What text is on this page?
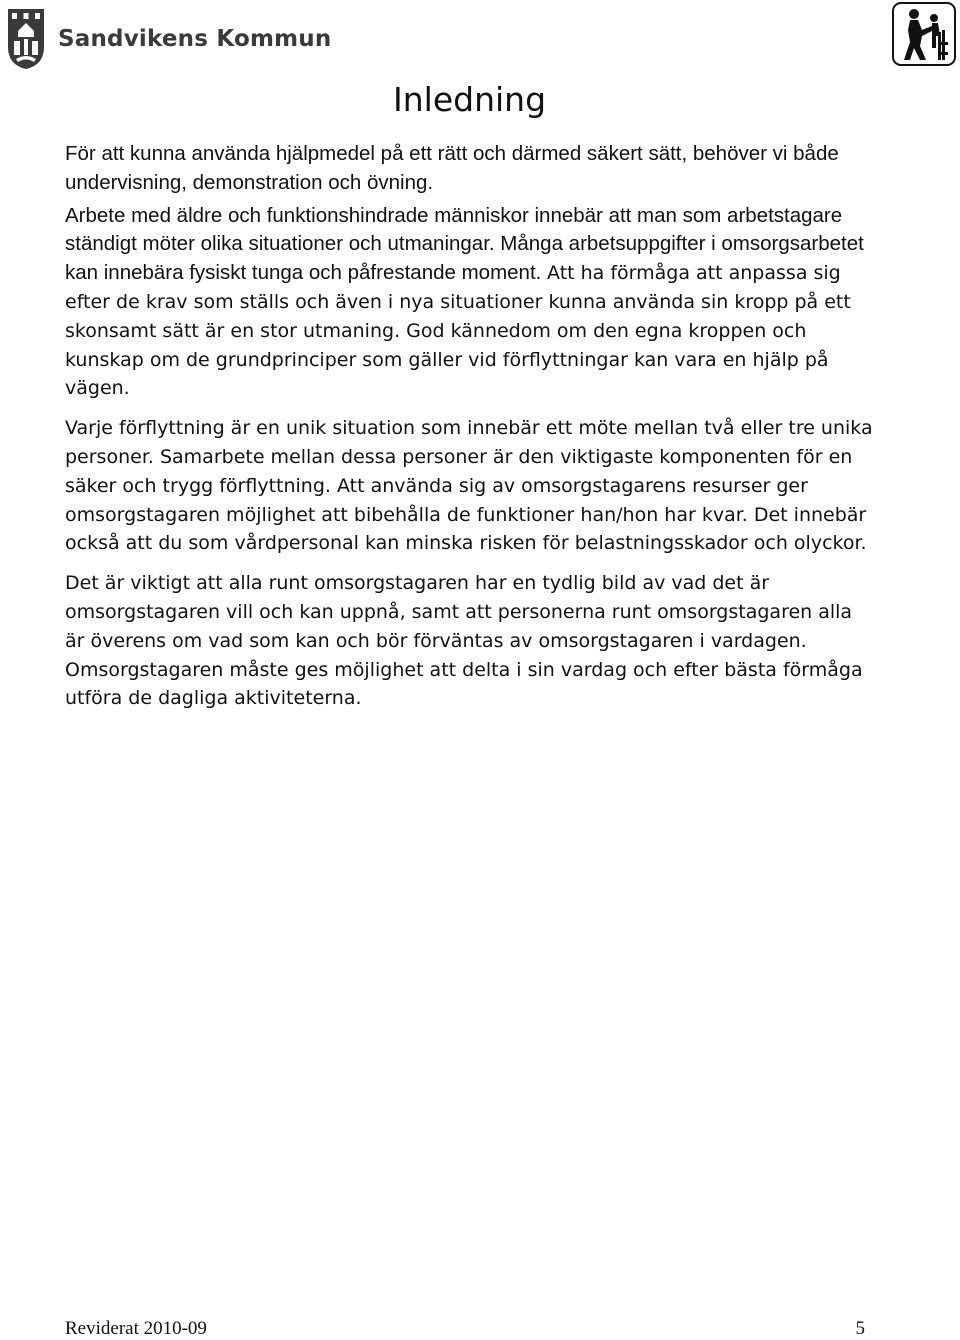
Sandvikens Kommun
Inledning

För att kunna använda hjälpmedel på ett rätt och därmed säkert sätt, behöver vi både undervisning, demonstration och övning.

Arbete med äldre och funktionshindrade människor innebär att man som arbetstagare ständigt möter olika situationer och utmaningar. Många arbetsuppgifter i omsorgsarbetet kan innebära fysiskt tunga och påfrestande moment. Att ha förmåga att anpassa sig efter de krav som ställs och även i nya situationer kunna använda sin kropp på ett skonsamt sätt är en stor utmaning. God kännedom om den egna kroppen och kunskap om de grundprinciper som gäller vid förflyttningar kan vara en hjälp på vägen.

Varje förflyttning är en unik situation som innebär ett möte mellan två eller tre unika personer. Samarbete mellan dessa personer är den viktigaste komponenten för en säker och trygg förflyttning. Att använda sig av omsorgstagarens resurser ger omsorgstagaren möjlighet att bibehålla de funktioner han/hon har kvar. Det innebär också att du som vårdpersonal kan minska risken för belastningsskador och olyckor.

Det är viktigt att alla runt omsorgstagaren har en tydlig bild av vad det är omsorgstagaren vill och kan uppnå, samt att personerna runt omsorgstagaren alla är överens om vad som kan och bör förväntas av omsorgstagaren i vardagen. Omsorgstagaren måste ges möjlighet att delta i sin vardag och efter bästa förmåga utföra de dagliga aktiviteterna.

Reviderat 2010-09	5
